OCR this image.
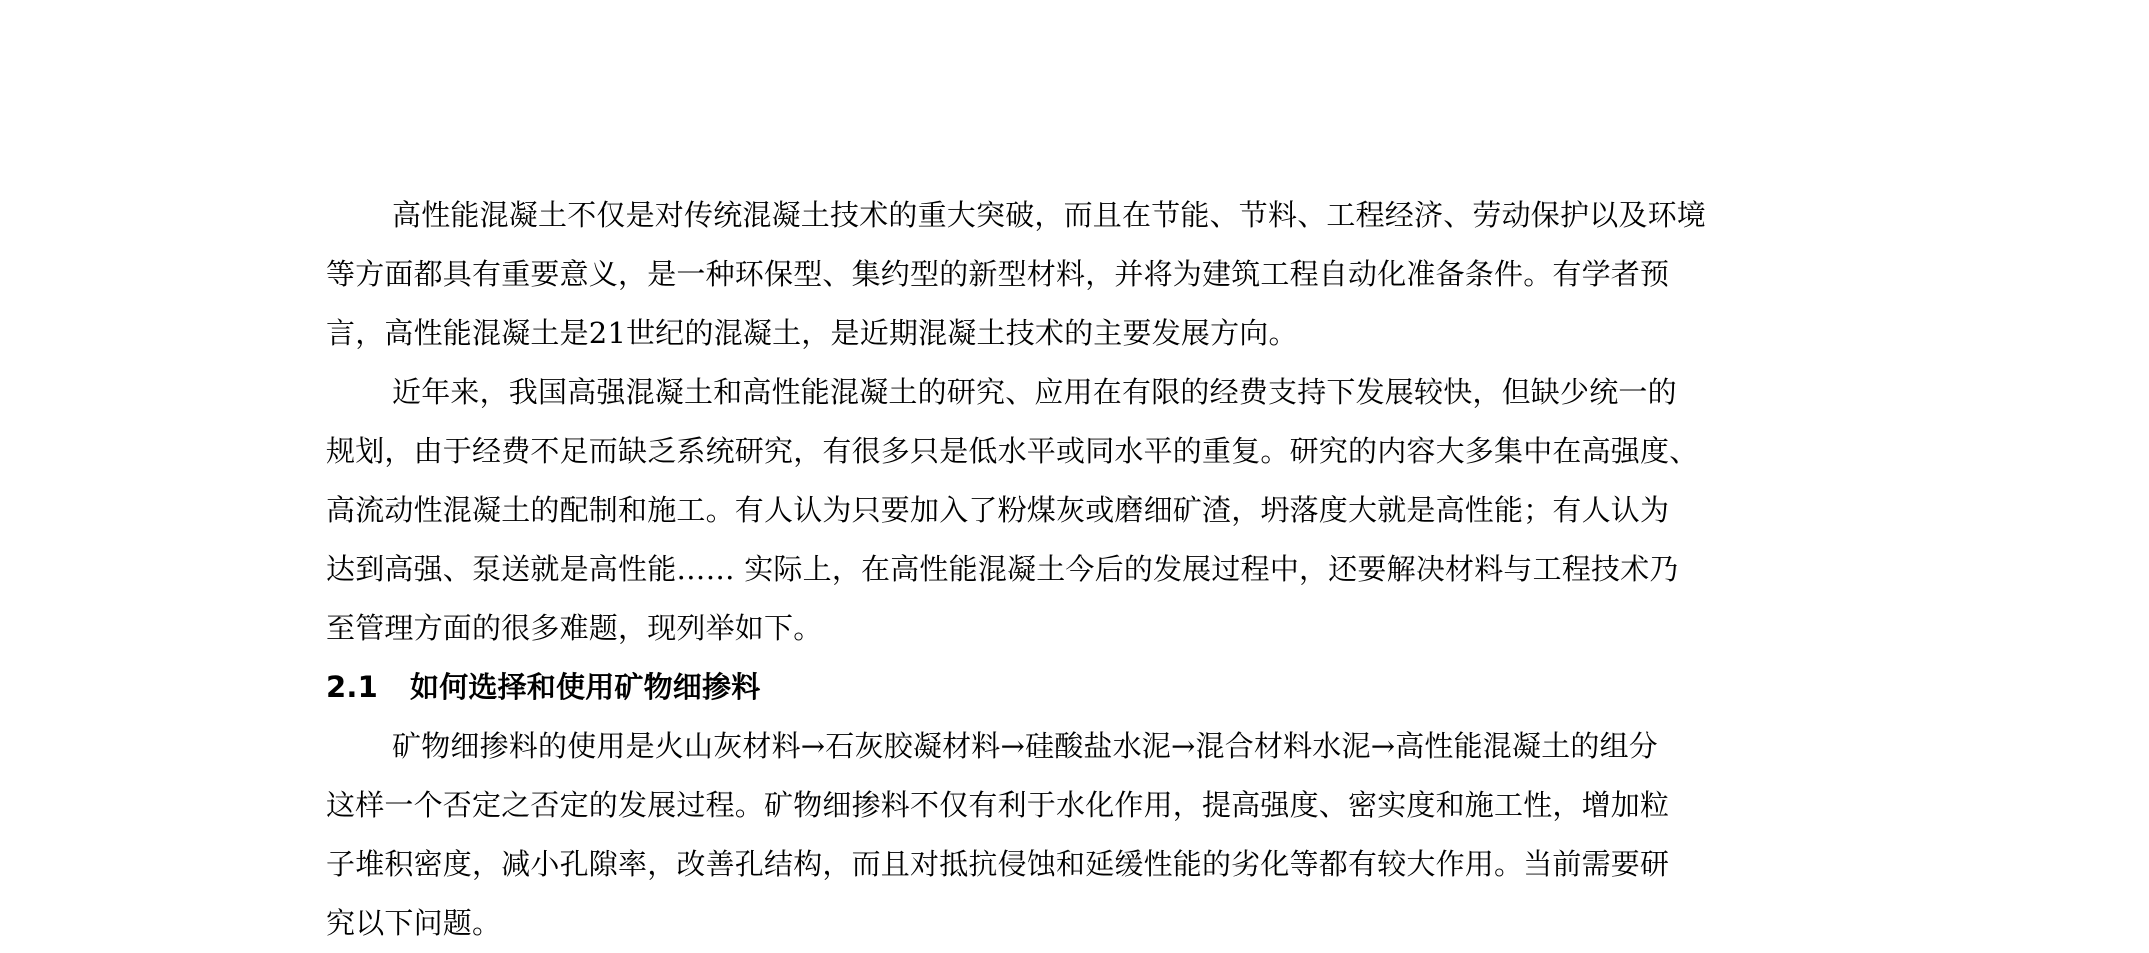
高性能混凝土不仅是对传统混凝土技术的重大突破，而且在节能、节料、工程经济、劳动保护以及环境
等方面都具有重要意义，是一种环保型、集约型的新型材料，并将为建筑工程自动化准备条件。有学者预
言，高性能混凝土是21世纪的混凝土，是近期混凝土技术的主要发展方向。
近年来，我国高强混凝土和高性能混凝土的研究、应用在有限的经费支持下发展较快，但缺少统一的
规划，由于经费不足而缺乏系统研究，有很多只是低水平或同水平的重复。研究的内容大多集中在高强度、
高流动性混凝土的配制和施工。有人认为只要加入了粉煤灰或磨细矿渣，坍落度大就是高性能；有人认为
达到高强、泵送就是高性能…… 实际上，在高性能混凝土今后的发展过程中，还要解决材料与工程技术乃
至管理方面的很多难题，现列举如下。
2.1 如何选择和使用矿物细掺料
矿物细掺料的使用是火山灰材料→石灰胶凝材料→硅酸盐水泥→混合材料水泥→高性能混凝土的组分
这样一个否定之否定的发展过程。矿物细掺料不仅有利于水化作用，提高强度、密实度和施工性，增加粒
子堆积密度，减小孔隙率，改善孔结构，而且对抵抗侵蚀和延缓性能的劣化等都有较大作用。当前需要研
究以下问题。
